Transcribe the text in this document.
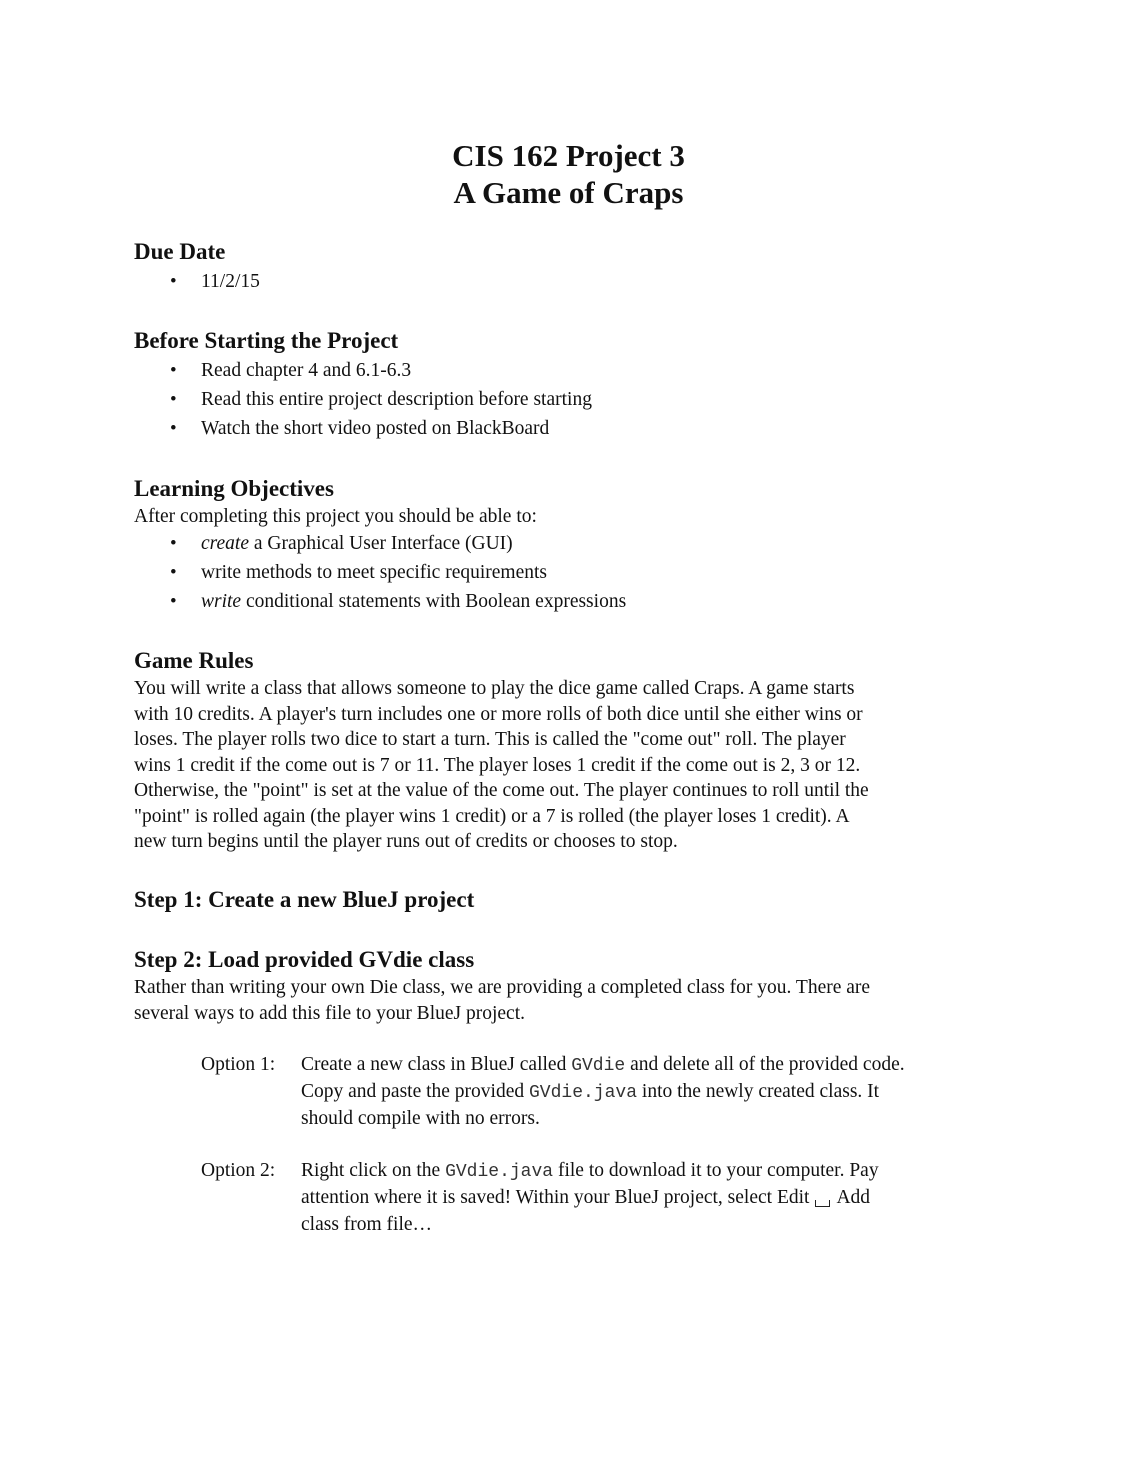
CIS 162 Project 3
A Game of Craps
Due Date
• 11/2/15
Before Starting the Project
• Read chapter 4 and 6.1-6.3
• Read this entire project description before starting
• Watch the short video posted on BlackBoard
Learning Objectives
After completing this project you should be able to:
• create a Graphical User Interface (GUI)
• write methods to meet specific requirements
• write conditional statements with Boolean expressions
Game Rules
You will write a class that allows someone to play the dice game called Craps. A game starts
with 10 credits. A player's turn includes one or more rolls of both dice until she either wins or
loses. The player rolls two dice to start a turn. This is called the "come out" roll. The player
wins 1 credit if the come out is 7 or 11. The player loses 1 credit if the come out is 2, 3 or 12.
Otherwise, the "point" is set at the value of the come out. The player continues to roll until the
"point" is rolled again (the player wins 1 credit) or a 7 is rolled (the player loses 1 credit). A
new turn begins until the player runs out of credits or chooses to stop.
Step 1: Create a new BlueJ project
Step 2: Load provided GVdie class
Rather than writing your own Die class, we are providing a completed class for you. There are
several ways to add this file to your BlueJ project.
Option 1: Create a new class in BlueJ called GVdie and delete all of the provided code.
Copy and paste the provided GVdie.java into the newly created class. It
should compile with no errors.
Option 2: Right click on the GVdie.java file to download it to your computer. Pay
attention where it is saved! Within your BlueJ project, select Edit Add
class from file…
